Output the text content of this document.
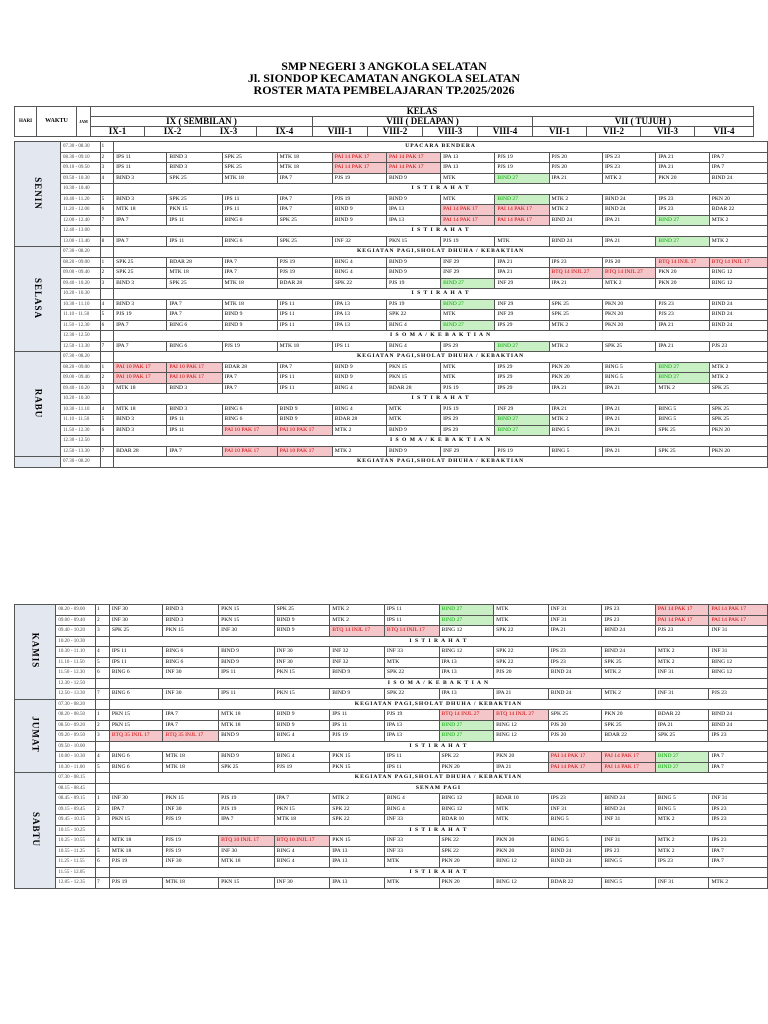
SMP NEGERI 3 ANGKOLA SELATAN
Jl. SIONDOP KECAMATAN ANGKOLA SELATAN
ROSTER MATA PEMBELAJARAN TP.2025/2026
HARI	WAKTU	JAM	KELAS											
			IX ( SEMBILAN )				VIII ( DELAPAN )				VII ( TUJUH )			
			IX-1	IX-2	IX-3	IX-4	VIII-1	VIII-2	VIII-3	VIII-4	VII-1	VII-2	VII-3	VII-4
SENIN	07.30 - 08.30	1	UPACARA BENDERA											
	08.30 - 09.10	2	IPS 11	BIND 3	SPK 25	MTK 18	PAI 14 PAK 17	PAI 14 PAK 17	IPA 13	PJS 19	PJS 20	IPS 23	IPA 21	IPA 7
	09.10 - 09.50	3	IPS 11	BIND 3	SPK 25	MTK 18	PAI 14 PAK 17	PAI 14 PAK 17	IPA 13	PJS 19	PJS 20	IPS 23	IPA 21	IPA 7
	09.50 - 10.30	4	BIND 3	SPK 25	MTK 18	IPA 7	PJS 19	BIND 9	MTK	BIND 27	IPA 21	MTK 2	PKN 20	BIND 24
	10.30 - 10.40		I S T I R A H A T											
	10.40 - 11.20	5	BIND 3	SPK 25	IPS 11	IPA 7	PJS 19	BIND 9	MTK	BIND 27	MTK 2	BIND 24	IPS 23	PKN 20
	11.20 - 12.00	6	MTK 18	PKN 15	IPS 11	IPA 7	BIND 9	IPA 13	PAI 14 PAK 17	PAI 14 PAK 17	MTK 2	BIND 24	IPS 23	BDAR 22
	12.00 - 12.40	7	IPA 7	IPS 11	BING 6	SPK 25	BIND 9	IPA 13	PAI 14 PAK 17	PAI 14 PAK 17	BIND 24	IPA 21	BIND 27	MTK 2
	12.40 - 13.00		I S T I R A H A T											
	13.00 - 13.40	8	IPA 7	IPS 11	BING 6	SPK 25	INF 32	PKN 15	PJS 19	MTK	BIND 24	IPA 21	BIND 27	MTK 2
SELASA	07.30 - 08.20		KEGIATAN PAGI,SHOLAT DHUHA / KEBAKTIAN											
	08.20 - 09.00	1	SPK 25	BDAR 28	IPA 7	PJS 19	BING 4	BIND 9	INF 29	IPA 21	IPS 23	PJS 20	BTQ 14 INJL 17	BTQ 14 INJL 17
	09.00 - 09.40	2	SPK 25	MTK 18	IPA 7	PJS 19	BING 4	BIND 9	INF 29	IPA 21	BTQ 14 INJL 27	BTQ 14 INJL 27	PKN 20	BING 12
	09.40 - 10.20	3	BIND 3	SPK 25	MTK 18	BDAR 28	SPK 22	PJS 19	BIND 27	INF 29	IPA 21	MTK 2	PKN 20	BING 12
	10.20 - 10.30		I S T I R A H A T											
	10.30 - 11.10	4	BIND 3	IPA 7	MTK 18	IPS 11	IPA 13	PJS 19	BIND 27	INF 29	SPK 25	PKN 20	PJS 23	BIND 24
	11.10 - 11.50	5	PJS 19	IPA 7	BIND 9	IPS 11	IPA 13	SPK 22	MTK	INF 29	SPK 25	PKN 20	PJS 23	BIND 24
	11.50 - 12.30	6	IPA 7	BING 6	BIND 9	IPS 11	IPA 13	BING 4	BIND 27	IPS 29	MTK 2	PKN 20	IPA 21	BIND 24
	12.30 - 12.50		I S O M A / K E B A K T I A N											
	12.50 - 13.30	7	IPA 7	BING 6	PJS 19	MTK 18	IPS 11	BING 4	IPS 29	BIND 27	MTK 2	SPK 25	IPA 21	PJS 23
RABU	07.30 - 08.20		KEGIATAN PAGI,SHOLAT DHUHA / KEBAKTIAN											
	08.20 - 09.00	1	PAI 10 PAK 17	PAI 10 PAK 17	BDAR 28	IPA 7	BIND 9	PKN 15	MTK	IPS 29	PKN 20	BING 5	BIND 27	MTK 2
	09.00 - 09.40	2	PAI 10 PAK 17	PAI 10 PAK 17	IPA 7	IPS 11	BIND 9	PKN 15	MTK	IPS 29	PKN 20	BING 5	BIND 27	MTK 2
	09.40 - 10.20	3	MTK 18	BIND 3	IPA 7	IPS 11	BING 4	BDAR 28	PJS 19	IPS 29	IPA 21	IPA 21	MTK 2	SPK 25
	10.20 - 10.30		I S T I R A H A T											
	10.30 - 11.10	4	MTK 18	BIND 3	BING 6	BIND 9	BING 4	MTK	PJS 19	INF 29	IPA 21	IPA 21	BING 5	SPK 25
	11.10 - 11.50	5	BIND 3	IPS 11	BING 6	BIND 9	BDAR 28	MTK	IPS 29	BIND 27	MTK 2	IPA 21	BING 5	SPK 25
	11.50 - 12.30	6	BIND 3	IPS 11	PAI 10 PAK 17	PAI 10 PAK 17	MTK 2	BIND 9	IPS 29	BIND 27	BING 5	IPA 21	SPK 25	PKN 20
	12.30 - 12.50		I S O M A / K E B A K T I A N											
	12.50 - 13.30	7	BDAR 28	IPA 7	PAI 10 PAK 17	PAI 10 PAK 17	MTK 2	BIND 9	INF 29	PJS 19	BING 5	IPA 21	SPK 25	PKN 20
	07.30 - 08.20		KEGIATAN PAGI,SHOLAT DHUHA / KEBAKTIAN											
KAMIS	08.20 - 09.00	1	INF 30	BIND 3	PKN 15	SPK 25	MTK 2	IPS 11	BIND 27	MTK	INF 31	IPS 23	PAI 14 PAK 17	PAI 14 PAK 17
	09.00 - 09.40	2	INF 30	BIND 3	PKN 15	BIND 9	MTK 2	IPS 11	BIND 27	MTK	INF 31	IPS 23	PAI 14 PAK 17	PAI 14 PAK 17
	09.40 - 10.20	3	SPK 25	PKN 15	INF 30	BIND 9	BTQ 14 INJL 17	BTQ 14 INJL 17	BING 12	SPK 22	IPA 21	BIND 24	PJS 23	INF 31
	10.20 - 10.30		I S T I R A H A T											
	10.30 - 11.10	4	IPS 11	BING 6	BIND 9	INF 30	INF 32	INF 33	BING 12	SPK 22	IPS 23	BIND 24	MTK 2	INF 31
	11.10 - 11.50	5	IPS 11	BING 6	BIND 9	INF 30	INF 32	MTK	IPA 13	SPK 22	IPS 23	SPK 25	MTK 2	BING 12
	11.50 - 12.30	6	BING 6	INF 30	IPS 11	PKN 15	BIND 9	SPK 22	IPA 13	PJS 20	BIND 24	MTK 2	INF 31	BING 12
	12.30 - 12.50		I S O M A / K E B A K T I A N											
	12.50 - 13.30	7	BING 6	INF 30	IPS 11	PKN 15	BIND 9	SPK 22	IPA 13	IPA 21	BIND 24	MTK 2	INF 31	PJS 23
JUMAT	07.30 - 08.20		KEGIATAN PAGI,SHOLAT DHUHA / KEBAKTIAN											
	08.20 - 08.50	1	PKN 15	IPA 7	MTK 18	BIND 9	IPS 11	PJS 19	BTQ 14 INJL 27	BTQ 14 INJL 27	SPK 25	PKN 20	BDAR 22	BIND 24
	08.50 - 09.20	2	PKN 15	IPA 7	MTK 18	BIND 9	IPS 11	IPA 13	BIND 27	BING 12	PJS 20	SPK 25	IPA 21	BIND 24
	09.20 - 09.50	3	BTQ 35 INJL 17	BTQ 35 INJL 17	BIND 9	BING 4	PJS 19	IPA 13	BIND 27	BING 12	PJS 20	BDAR 22	SPK 25	IPS 23
	09.50 - 10.00		I S T I R A H A T											
	10.00 - 10.30	4	BING 6	MTK 18	BIND 9	BING 4	PKN 15	IPS 11	SPK 22	PKN 20	PAI 14 PAK 17	PAI 14 PAK 17	BIND 27	IPA 7
	10.30 - 11.00	5	BING 6	MTK 18	SPK 25	PJS 19	PKN 15	IPS 11	PKN 20	IPA 21	PAI 14 PAK 17	PAI 14 PAK 17	BIND 27	IPA 7
SABTU	07.30 - 08.15		KEGIATAN PAGI,SHOLAT DHUHA / KEBAKTIAN											
	08.15 - 08.45		SENAM PAGI											
	08.45 - 09.15	1	INF 30	PKN 15	PJS 19	IPA 7	MTK 2	BING 4	BING 12	BDAR 10	IPS 23	BIND 24	BING 5	INF 31
	09.15 - 09.45	2	IPA 7	INF 30	PJS 19	PKN 15	SPK 22	BING 4	BING 12	MTK	INF 31	BIND 24	BING 5	IPS 23
	09.45 - 10.15	3	PKN 15	PJS 19	IPA 7	MTK 18	SPK 22	INF 33	BDAR 10	MTK	BING 5	INF 31	MTK 2	IPS 23
	10.15 - 10.25		I S T I R A H A T											
	10.25 - 10.55	4	MTK 18	PJS 19	BTQ 10 INJL 17	BTQ 10 INJL 17	PKN 15	INF 33	SPK 22	PKN 20	BING 5	INF 31	MTK 2	IPS 23
	10.55 - 11.25	5	MTK 18	PJS 19	INF 30	BING 4	IPA 13	INF 33	SPK 22	PKN 20	BIND 24	IPS 23	MTK 2	IPA 7
	11.25 - 11.55	6	PJS 19	INF 30	MTK 18	BING 4	IPA 13	MTK	PKN 20	BING 12	BIND 24	BING 5	IPS 23	IPA 7
	11.55 - 12.05		I S T I R A H A T											
	12.05 - 12.35	7	PJS 19	MTK 18	PKN 15	INF 30	IPA 13	MTK	PKN 20	BING 12	BDAR 22	BING 5	INF 31	MTK 2
